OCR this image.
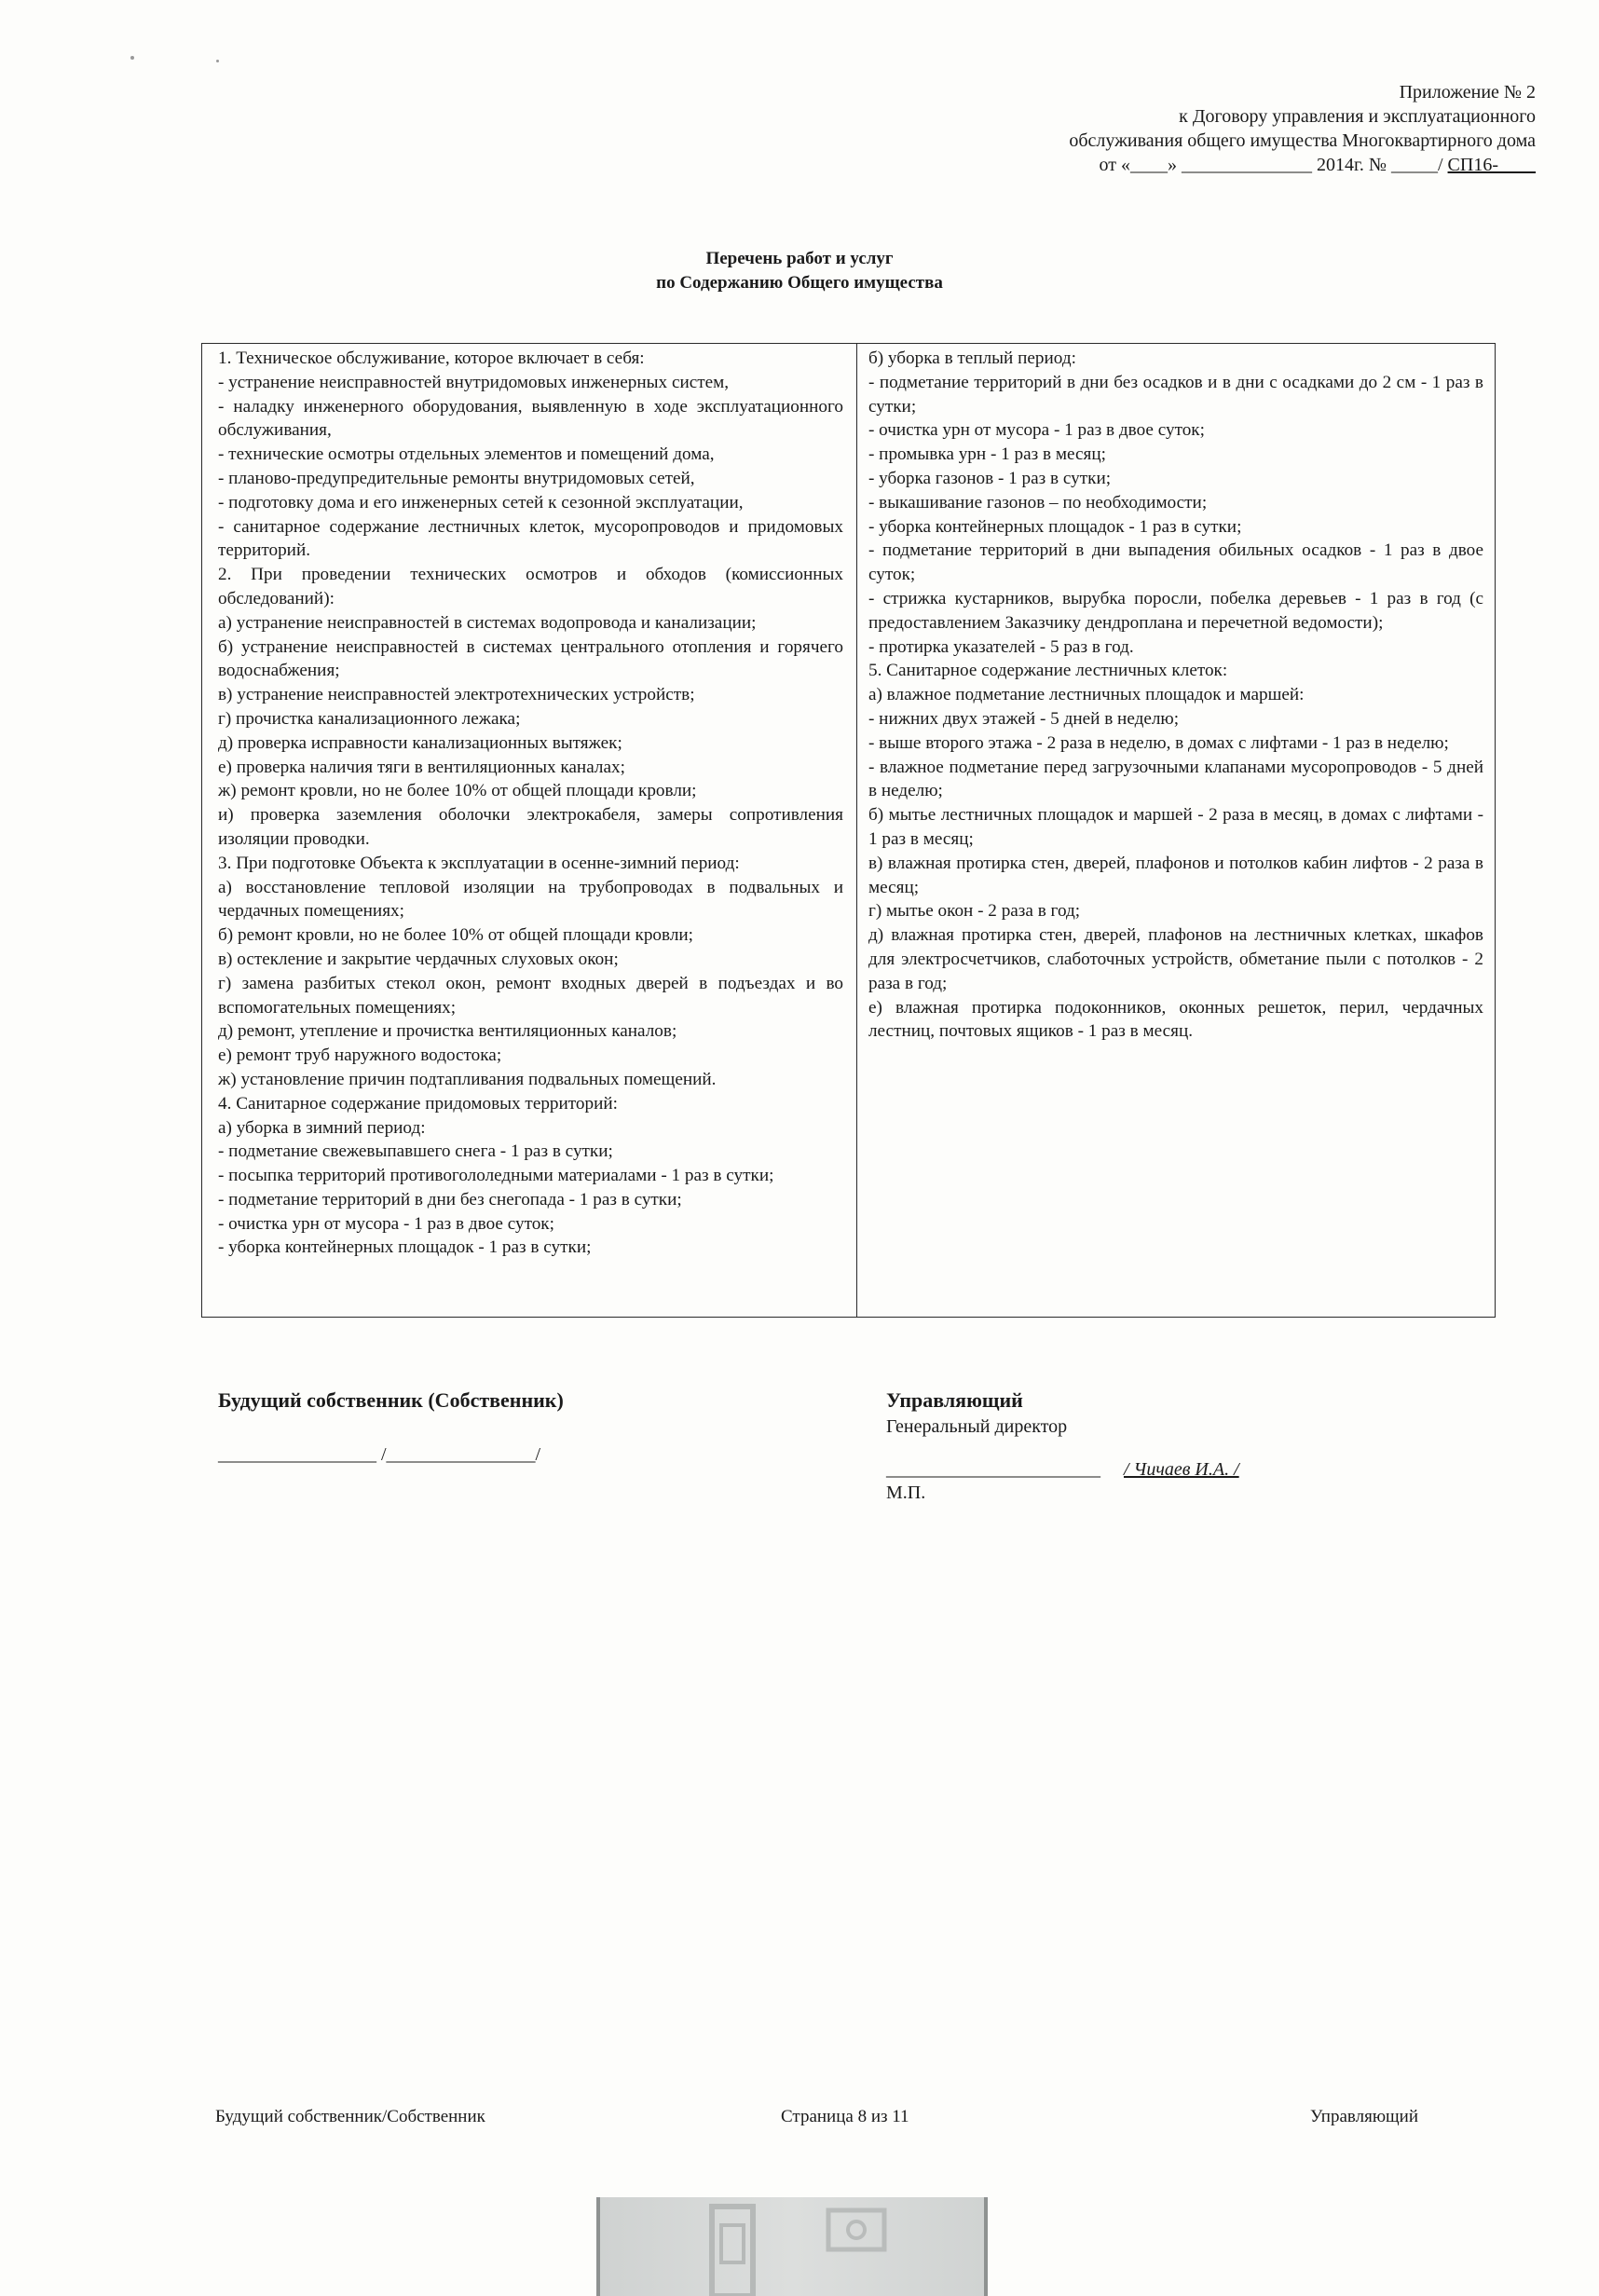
Приложение № 2
к Договору управления и эксплуатационного
обслуживания общего имущества Многоквартирного дома
от «____» ______________ 2014г. № _____/ СП16-____
Перечень работ и услуг
по Содержанию Общего имущества
1. Техническое обслуживание, которое включает в себя:
- устранение неисправностей внутридомовых инженерных систем,
- наладку инженерного оборудования, выявленную в ходе эксплуатационного обслуживания,
- технические осмотры отдельных элементов и помещений дома,
- планово-предупредительные ремонты внутридомовых сетей,
- подготовку дома и его инженерных сетей к сезонной эксплуатации,
- санитарное содержание лестничных клеток, мусоропроводов и придомовых территорий.
2. При проведении технических осмотров и обходов (комиссионных обследований):
а) устранение неисправностей в системах водопровода и канализации;
б) устранение неисправностей в системах центрального отопления и горячего водоснабжения;
в) устранение неисправностей электротехнических устройств;
г) прочистка канализационного лежака;
д) проверка исправности канализационных вытяжек;
е) проверка наличия тяги в вентиляционных каналах;
ж) ремонт кровли, но не более 10% от общей площади кровли;
и) проверка заземления оболочки электрокабеля, замеры сопротивления изоляции проводки.
3. При подготовке Объекта к эксплуатации в осенне-зимний период:
а) восстановление тепловой изоляции на трубопроводах в подвальных и чердачных помещениях;
б) ремонт кровли, но не более 10% от общей площади кровли;
в) остекление и закрытие чердачных слуховых окон;
г) замена разбитых стекол окон, ремонт входных дверей в подъездах и во вспомогательных помещениях;
д) ремонт, утепление и прочистка вентиляционных каналов;
е) ремонт труб наружного водостока;
ж) установление причин подтапливания подвальных помещений.
4. Санитарное содержание придомовых территорий:
а) уборка в зимний период:
- подметание свежевыпавшего снега - 1 раз в сутки;
- посыпка территорий противогололедными материалами - 1 раз в сутки;
- подметание территорий в дни без снегопада - 1 раз в сутки;
- очистка урн от мусора - 1 раз в двое суток;
- уборка контейнерных площадок - 1 раз в сутки;
б) уборка в теплый период:
- подметание территорий в дни без осадков и в дни с осадками до 2 см - 1 раз в сутки;
- очистка урн от мусора - 1 раз в двое суток;
- промывка урн - 1 раз в месяц;
- уборка газонов - 1 раз в сутки;
- выкашивание газонов – по необходимости;
- уборка контейнерных площадок - 1 раз в сутки;
- подметание территорий в дни выпадения обильных осадков - 1 раз в двое суток;
- стрижка кустарников, вырубка поросли, побелка деревьев - 1 раз в год (с предоставлением Заказчику дендроплана и перечетной ведомости);
- протирка указателей - 5 раз в год.
5. Санитарное содержание лестничных клеток:
а) влажное подметание лестничных площадок и маршей:
- нижних двух этажей - 5 дней в неделю;
- выше второго этажа - 2 раза в неделю, в домах с лифтами - 1 раз в неделю;
- влажное подметание перед загрузочными клапанами мусоропроводов - 5 дней в неделю;
б) мытье лестничных площадок и маршей - 2 раза в месяц, в домах с лифтами - 1 раз в месяц;
в) влажная протирка стен, дверей, плафонов и потолков кабин лифтов - 2 раза в месяц;
г) мытье окон - 2 раза в год;
д) влажная протирка стен, дверей, плафонов на лестничных клетках, шкафов для электросчетчиков, слаботочных устройств, обметание пыли с потолков - 2 раза в год;
е) влажная протирка подоконников, оконных решеток, перил, чердачных лестниц, почтовых ящиков - 1 раз в месяц.
Будущий собственник (Собственник)
_________________ /________________/
Управляющий
Генеральный директор
_______________________ / Чичаев И.А. /
М.П.
Будущий собственник/Собственник	Страница 8 из 11	Управляющий
